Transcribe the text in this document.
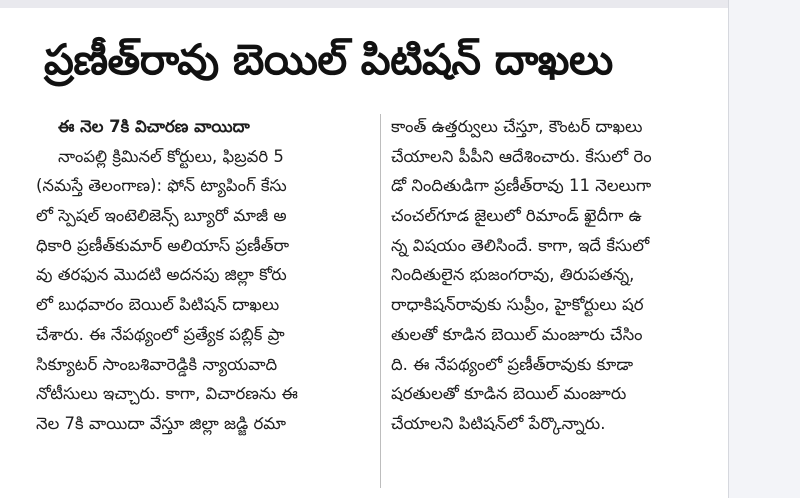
ప్రణీత్‌రావు బెయిల్ పిటిషన్ దాఖలు
ఈ నెల 7కి విచారణ వాయిదా
నాంపల్లి క్రిమినల్ కోర్టులు, ఫిబ్రవరి 5
(నమస్తే తెలంగాణ): ఫోన్ ట్యాపింగ్ కేసు
లో స్పెషల్ ఇంటెలిజెన్స్ బ్యూరో మాజీ అ
ధికారి ప్రణీత్‌కుమార్ అలియాస్ ప్రణీత్‌రా
వు తరఫున మొదటి అదనపు జిల్లా కోరు
లో బుధవారం బెయిల్ పిటిషన్ దాఖలు
చేశారు. ఈ నేపథ్యంలో ప్రత్యేక పబ్లిక్ ప్రా
సిక్యూటర్ సాంబశివారెడ్డికి న్యాయవాది
నోటీసులు ఇచ్చారు. కాగా, విచారణను ఈ
నెల 7కి వాయిదా వేస్తూ జిల్లా జడ్జి రమా
కాంత్ ఉత్తర్వులు చేస్తూ, కౌంటర్ దాఖలు
చేయాలని పీపీని ఆదేశించారు. కేసులో రెం
డో నిందితుడిగా ప్రణీత్‌రావు 11 నెలలుగా
చంచల్‌గూడ జైలులో రిమాండ్ ఖైదీగా ఉ
న్న విషయం తెలిసిందే. కాగా, ఇదే కేసులో
నిందితులైన భుజంగరావు, తిరుపతన్న,
రాధాకిషన్‌రావుకు సుప్రీం, హైకోర్టులు షర
తులతో కూడిన బెయిల్ మంజూరు చేసిం
ది. ఈ నేపథ్యంలో ప్రణీత్‌రావుకు కూడా
షరతులతో కూడిన బెయిల్ మంజూరు
చేయాలని పిటిషన్‌లో పేర్కొన్నారు.
